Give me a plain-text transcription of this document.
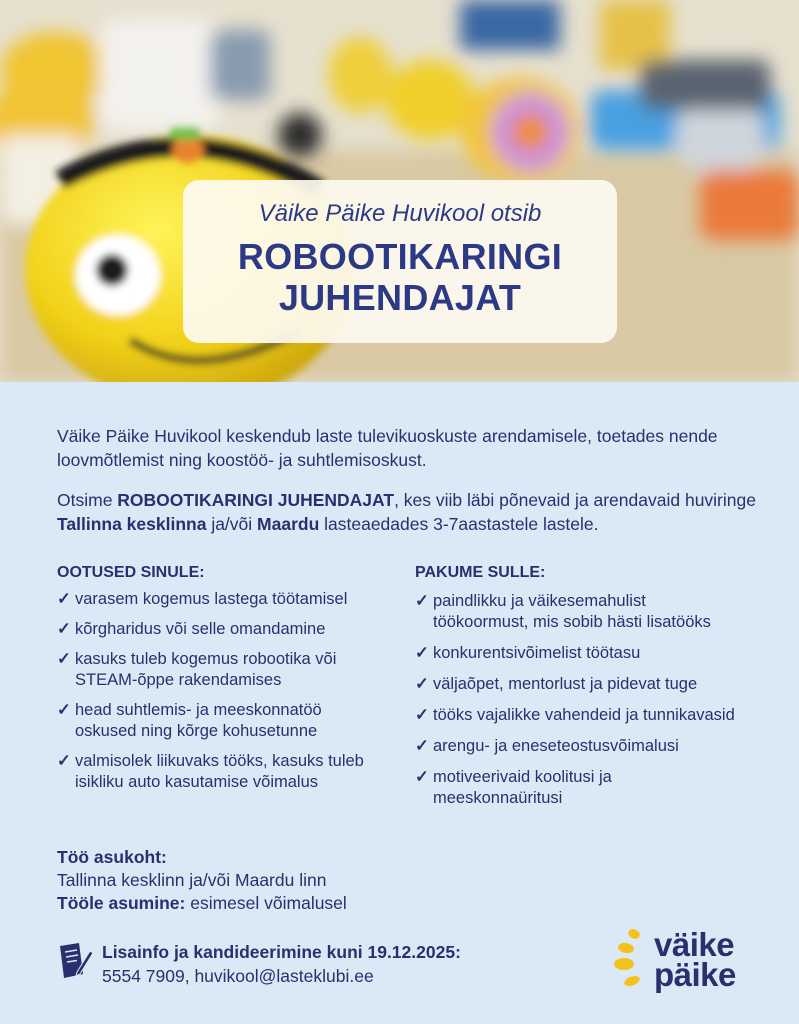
Väike Päike Huvikool otsib
ROBOOTIKARINGI
JUHENDAJAT

Väike Päike Huvikool keskendub laste tulevikuoskuste arendamisele, toetades nende loovmõtlemist ning koostöö- ja suhtlemisoskust.

Otsime ROBOOTIKARINGI JUHENDAJAT, kes viib läbi põnevaid ja arendavaid huviringe Tallinna kesklinna ja/või Maardu lasteaedades 3-7aastastele lastele.

OOTUSED SINULE:
✓ varasem kogemus lastega töötamisel
✓ kõrgharidus või selle omandamine
✓ kasuks tuleb kogemus robootika või STEAM-õppe rakendamises
✓ head suhtlemis- ja meeskonnatöö oskused ning kõrge kohusetunne
✓ valmisolek liikuvaks tööks, kasuks tuleb isikliku auto kasutamise võimalus
PAKUME SULLE:
✓ paindlikku ja väikesemahulist töökoormust, mis sobib hästi lisatööks
✓ konkurentsivõimelist töötasu
✓ väljaõpet, mentorlust ja pidevat tuge
✓ tööks vajalikke vahendeid ja tunnikavasid
✓ arengu- ja eneseteostusvõimalusi
✓ motiveerivaid koolitusi ja meeskonnaüritusi
Töö asukoht:
Tallinna kesklinn ja/või Maardu linn
Tööle asumine: esimesel võimalusel
Lisainfo ja kandideerimine kuni 19.12.2025:
5554 7909, huvikool@lasteklubi.ee
väike
päike
